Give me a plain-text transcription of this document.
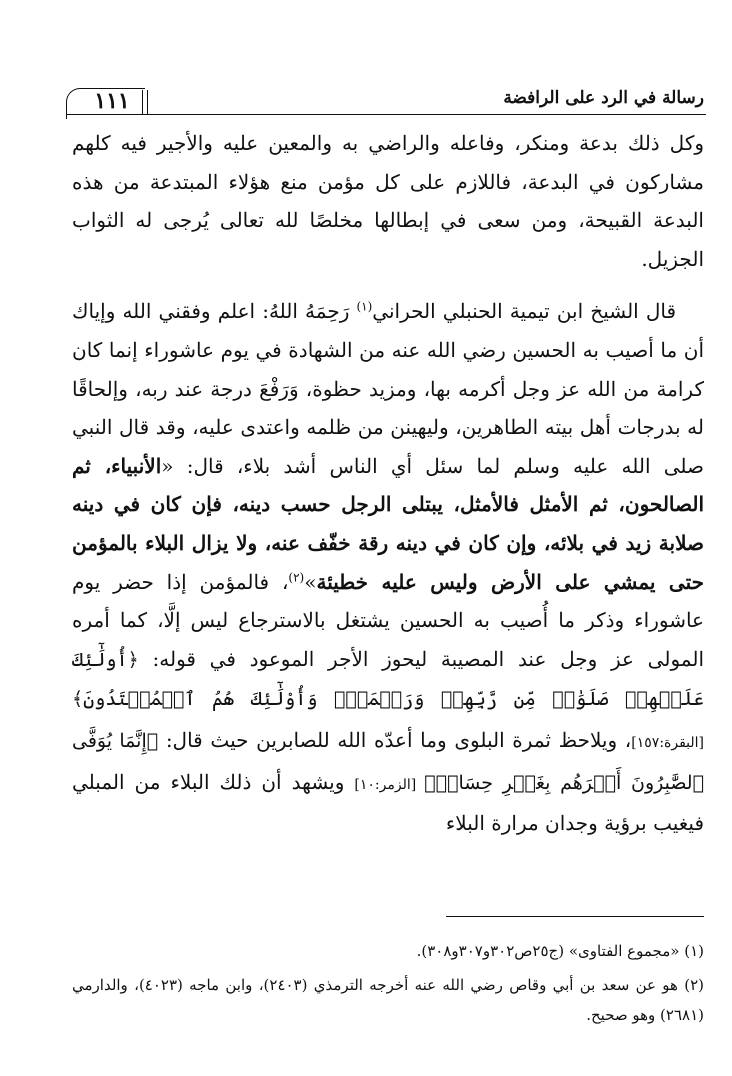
١١١	رسالة في الرد على الرافضة

وكل ذلك بدعة ومنكر، وفاعله والراضي به والمعين عليه والأجير فيه كلهم مشاركون في البدعة، فاللازم على كل مؤمن منع هؤلاء المبتدعة من هذه البدعة القبيحة، ومن سعى في إبطالها مخلصًا لله تعالى يُرجى له الثواب الجزيل.

قال الشيخ ابن تيمية الحنبلي الحراني$^{(١)}$ رَحِمَهُ اللهُ: اعلم وفقني الله وإياك أن ما أصيب به الحسين رضي الله عنه من الشهادة في يوم عاشوراء إنما كان كرامة من الله عز وجل أكرمه بها، ومزيد حظوة، وَرَفْعَ درجة عند ربه، وإلحاقًا له بدرجات أهل بيته الطاهرين، وليهينن من ظلمه واعتدى عليه، وقد قال النبي صلى الله عليه وسلم لما سئل أي الناس أشد بلاء، قال: «الأنبياء، ثم الصالحون، ثم الأمثل فالأمثل، يبتلى الرجل حسب دينه، فإن كان في دينه صلابة زيد في بلائه، وإن كان في دينه رقة خفّف عنه، ولا يزال البلاء بالمؤمن حتى يمشي على الأرض وليس عليه خطيئة»$^{(٢)}$، فالمؤمن إذا حضر يوم عاشوراء وذكر ما أُصيب به الحسين يشتغل بالاسترجاع ليس إلَّا، كما أمره المولى عز وجل عند المصيبة ليحوز الأجر الموعود في قوله: ﴿أُولَٰٓئِكَ عَلَيۡهِمۡ صَلَوَٰتٞ مِّن رَّبِّهِمۡ وَرَحۡمَةٞۖ وَأُوْلَٰٓئِكَ هُمُ ٱلۡمُهۡتَدُونَ﴾ [البقرة:١٥٧]، ويلاحظ ثمرة البلوى وما أعدّه الله للصابرين حيث قال: ﴿إِنَّمَا يُوَفَّى ٱلصَّٰبِرُونَ أَجۡرَهُم بِغَيۡرِ حِسَابٖ﴾ [الزمر:١٠] ويشهد أن ذلك البلاء من المبلي فيغيب برؤية وجدان مرارة البلاء

(١) «مجموع الفتاوى» (ج٢٥ص٣٠٢و٣٠٧و٣٠٨).

(٢) هو عن سعد بن أبي وقاص رضي الله عنه أخرجه الترمذي (٢٤٠٣)، وابن ماجه (٤٠٢٣)، والدارمي (٢٦٨١) وهو صحيح.
